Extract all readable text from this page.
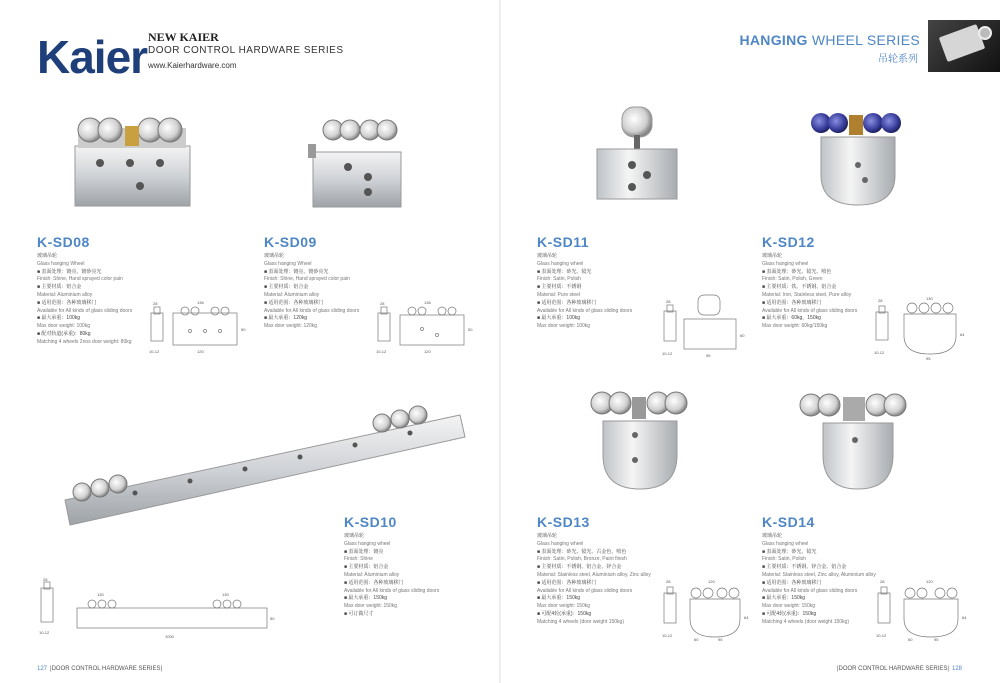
Kaier NEW KAIER
DOOR CONTROL HARDWARE SERIES
www.Kaierhardware.com
HANGING WHEEL SERIES
吊轮系列
K-SD08	K-SD09	K-SD11	K-SD12
K-SD10	K-SD13	K-SD14
玻璃吊轮
Glass hanging Wheel
■ 表面处理：镀亮、镀砂亮光
Finish: Shine, Hand sprayed color pain
■ 主要材质：铝合金
Material: Aluminium alloy
■ 适用范围：各种玻璃移门
Available for All kinds of glass sliding doors
■ 最大承重：100kg
Max door weight: 100kg
■ 配对轨道(承重)：80kg
Matching 4 wheels 2nos door weight: 80kg
玻璃吊轮
Glass hanging Wheel
■ 表面处理：镀亮、镀砂亮光
Finish: Shine, Hand sprayed color pain
■ 主要材质：铝合金
Material: Aluminium alloy
■ 适用范围：各种玻璃移门
Available for All kinds of glass sliding doors
■ 最大承重：120kg
Max door weight: 120kg
玻璃吊轮
Glass hanging wheel
■ 表面处理：砂光、镜光
Finish: Satin, Polish
■ 主要材质：不锈钢
Material: Pure steel
■ 适用范围：各种玻璃移门
Available for All kinds of glass sliding doors
■ 最大承重：100kg
Max door weight: 100kg
玻璃吊轮
Glass hanging wheel
■ 表面处理：砂光、镜光、喷色
Finish: Satin, Polish, Green
■ 主要材质：铁、不锈钢、铝合金
Material: Iron, Stainless steel, Pure alloy
■ 适用范围：各种玻璃移门
Available for All kinds of glass sliding doors
■ 最大承重：60kg，150kg
Max door weight: 60kg/150kg
玻璃吊轮
Glass hanging wheel
■ 表面处理：镀亮
Finish: Shine
■ 主要材质：铝合金
Material: Aluminium alloy
■ 适用范围：各种玻璃移门
Available for All kinds of glass sliding doors
■ 最大承重：150kg
Max door weight: 150kg
■ 可订做尺寸
玻璃吊轮
Glass hanging wheel
■ 表面处理：砂光、镜光、古金色、喷色
Finish: Satin, Polish, Bronze, Paint finish
■ 主要材质：不锈钢、铝合金、锌合金
Material: Stainless steel, Aluminium alloy, Zinc alloy
■ 适用范围：各种玻璃移门
Available for All kinds of glass sliding doors
■ 最大承重：150kg
Max door weight: 150kg
■ 可配4轮(承重)：150kg
Matching 4 wheels (door weight 150kg)
玻璃吊轮
Glass hanging wheel
■ 表面处理：砂光、镜光
Finish: Satin, Polish
■ 主要材质：不锈钢、锌合金、铝合金
Material: Stainless steel, Zinc alloy, Aluminium alloy
■ 适用范围：各种玻璃移门
Available for All kinds of glass sliding doors
■ 最大承重：150kg
Max door weight: 150kg
■ 可配4轮(承重)：150kg
Matching 4 wheels (door weight 150kg)
28	136
10-12	120
50
28	136
10-12	120
50
28
10-12	95
60
28	130
10-12
95
64
28
130	130
10-12
1000
50
28	120
10-12
60	95
64
28	120
10-12
60	95
64
127 |DOOR CONTROL HARDWARE SERIES|	|DOOR CONTROL HARDWARE SERIES| 128
